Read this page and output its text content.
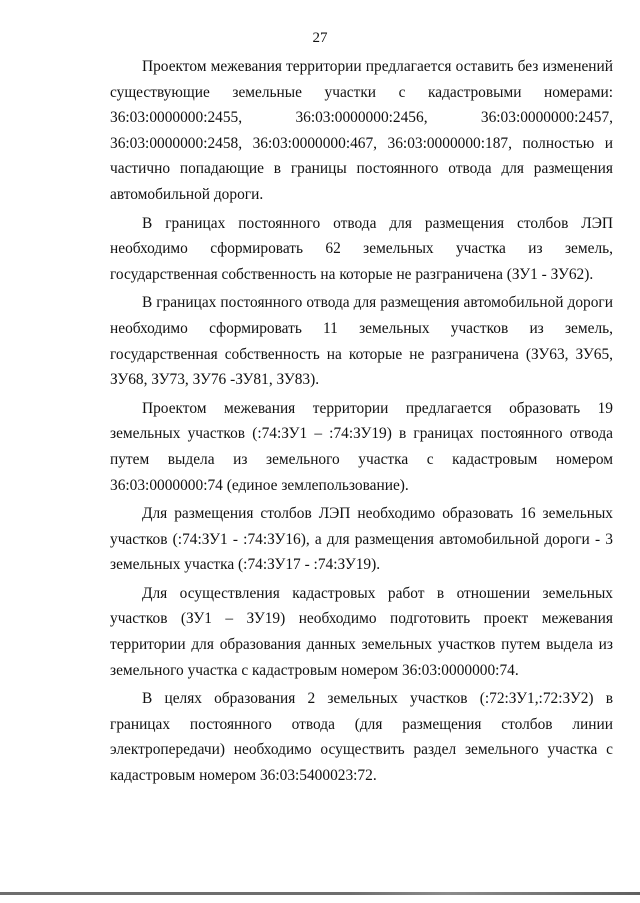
27

Проектом межевания территории предлагается оставить без изменений существующие земельные участки с кадастровыми номерами: 36:03:0000000:2455, 36:03:0000000:2456, 36:03:0000000:2457, 36:03:0000000:2458, 36:03:0000000:467, 36:03:0000000:187, полностью и частично попадающие в границы постоянного отвода для размещения автомобильной дороги.

В границах постоянного отвода для размещения столбов ЛЭП необходимо сформировать 62 земельных участка из земель, государственная собственность на которые не разграничена (ЗУ1 - ЗУ62).

В границах постоянного отвода для размещения автомобильной дороги необходимо сформировать 11 земельных участков из земель, государственная собственность на которые не разграничена (ЗУ63, ЗУ65, ЗУ68, ЗУ73, ЗУ76 -ЗУ81, ЗУ83).

Проектом межевания территории предлагается образовать 19 земельных участков (:74:ЗУ1 – :74:ЗУ19) в границах постоянного отвода путем выдела из земельного участка с кадастровым номером 36:03:0000000:74 (единое землепользование).

Для размещения столбов ЛЭП необходимо образовать 16 земельных участков (:74:ЗУ1 - :74:ЗУ16), а для размещения автомобильной дороги - 3 земельных участка (:74:ЗУ17 - :74:ЗУ19).

Для осуществления кадастровых работ в отношении земельных участков (ЗУ1 – ЗУ19) необходимо подготовить проект межевания территории для образования данных земельных участков путем выдела из земельного участка с кадастровым номером 36:03:0000000:74.

В целях образования 2 земельных участков (:72:ЗУ1,:72:ЗУ2) в границах постоянного отвода (для размещения столбов линии электропередачи) необходимо осуществить раздел земельного участка с кадастровым номером 36:03:5400023:72.
